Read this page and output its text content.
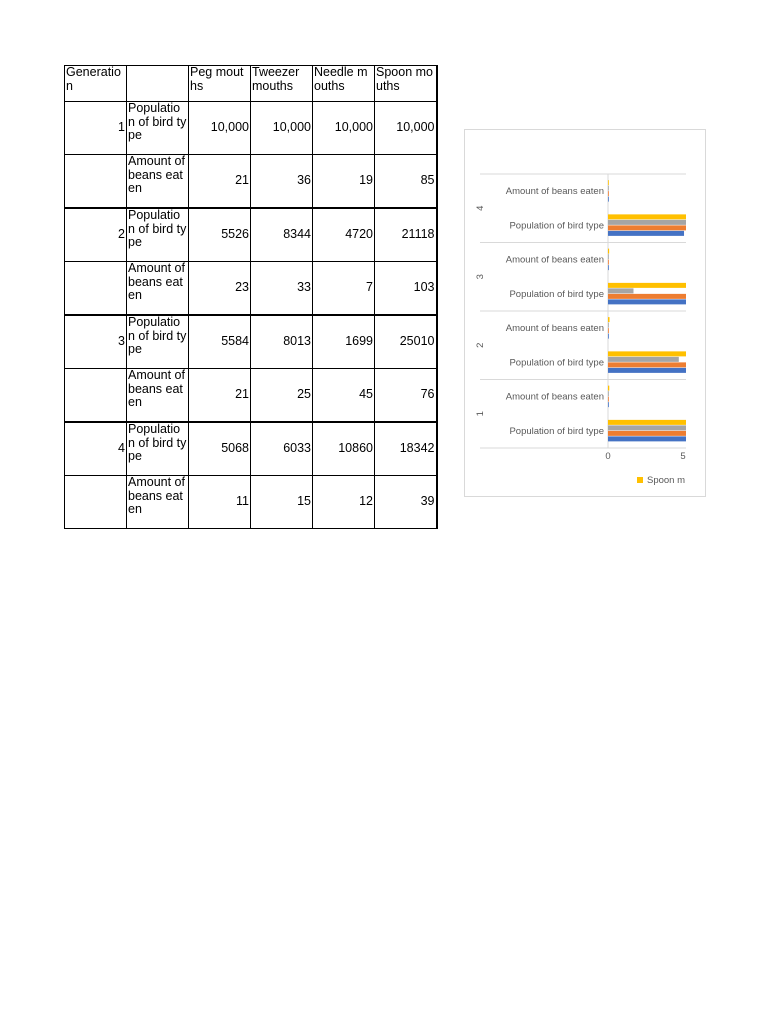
Generation		Peg mouths	Tweezer mouths	Needle mouths	Spoon mouths
1	Population of bird type	10,000	10,000	10,000	10,000
	Amount of beans eaten	21	36	19	85
2	Population of bird type	5526	8344	4720	21118
	Amount of beans eaten	23	33	7	103
3	Population of bird type	5584	8013	1699	25010
	Amount of beans eaten	21	25	45	76
4	Population of bird type	5068	6033	10860	18342
	Amount of beans eaten	11	15	12	39
1
Population of bird type
Amount of beans eaten
2
Population of bird type
Amount of beans eaten
3
Population of bird type
Amount of beans eaten
4
Population of bird type
Amount of beans eaten
0	5
Spoon m
